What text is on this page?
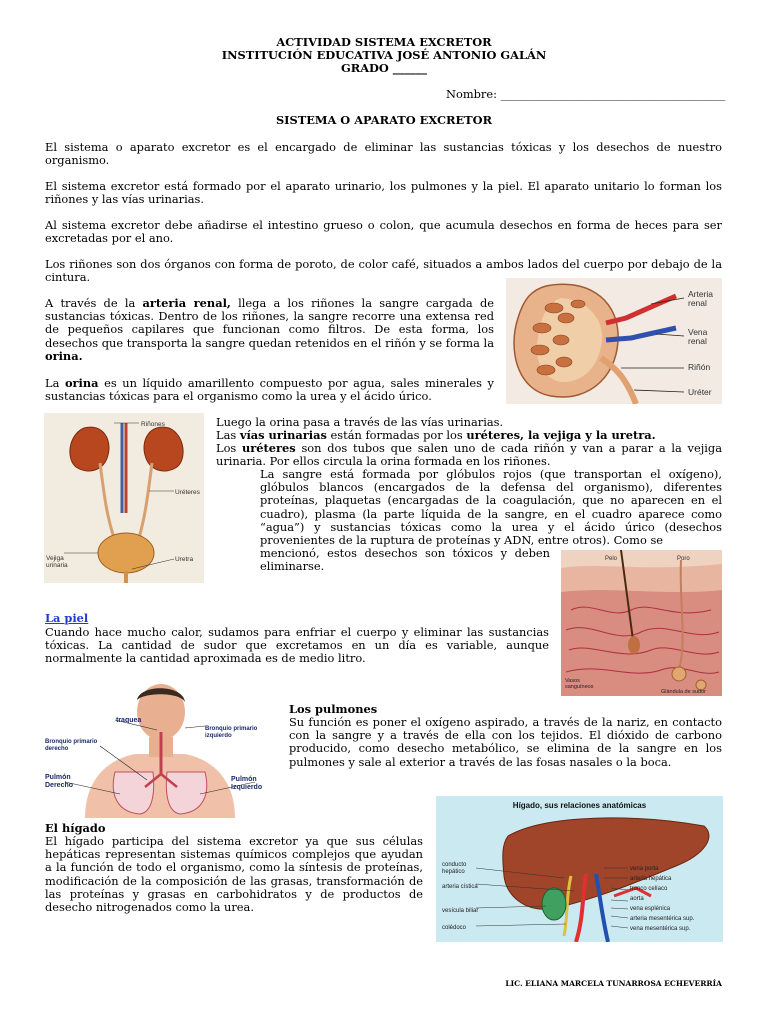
ACTIVIDAD SISTEMA EXCRETOR
INSTITUCIÓN EDUCATIVA JOSÉ ANTONIO GALÁN
GRADO ______
Nombre: ____________________________________________
SISTEMA O APARATO EXCRETOR
El sistema o aparato excretor es el encargado de eliminar las sustancias tóxicas y los desechos de nuestro organismo.
El sistema excretor está formado por el aparato urinario, los pulmones y la piel. El aparato unitario lo forman los riñones y las vías urinarias.
Al sistema excretor debe añadirse el intestino grueso o colon, que acumula desechos en forma de heces para ser excretadas por el ano.
Los riñones son dos órganos con forma de poroto, de color café, situados a ambos lados del cuerpo por debajo de la cintura.
A través de la arteria renal, llega a los riñones la sangre cargada de sustancias tóxicas. Dentro de los riñones, la sangre recorre una extensa red de pequeños capilares que funcionan como filtros. De esta forma, los desechos que transporta la sangre quedan retenidos en el riñón y se forma la orina.
La orina es un líquido amarillento compuesto por agua, sales minerales y sustancias tóxicas para el organismo como la urea y el ácido úrico.
Arteria renal
Vena renal
Riñón
Uréter
Riñones
Uréteres
Vejiga urinaria
Uretra
Luego la orina pasa a través de las vías urinarias.
Las vías urinarias están formadas por los uréteres, la vejiga y la uretra.
Los uréteres son dos tubos que salen uno de cada riñón y van a parar a la vejiga urinaria. Por ellos circula la orina formada en los riñones.
La sangre está formada por glóbulos rojos (que transportan el oxígeno), glóbulos blancos (encargados de la defensa del organismo), diferentes proteínas, plaquetas (encargadas de la coagulación, que no aparecen en el cuadro), plasma (la parte líquida de la sangre, en el cuadro aparece como “agua”) y sustancias tóxicas como la urea y el ácido úrico (desechos provenientes de la ruptura de proteínas y ADN, entre otros). Como se
mencionó, estos desechos son tóxicos y deben eliminarse.
Pelo	Poro
Vasos sanguíneos
Glándula de sudor
La piel
Cuando hace mucho calor, sudamos para enfriar el cuerpo y eliminar las sustancias tóxicas. La cantidad de sudor que excretamos en un día es variable, aunque normalmente la cantidad aproximada es de medio litro.
traquea
Bronquio primario izquierdo
Bronquio primario derecho
Pulmón Derecho
Pulmón Izquierdo
Los pulmones
Su función es poner el oxígeno aspirado, a través de la nariz, en contacto con la sangre y a través de ella con los tejidos. El dióxido de carbono producido, como desecho metabólico, se elimina de la sangre en los pulmones y sale al exterior a través de las fosas nasales o la boca.
Hígado, sus relaciones anatómicas
conducto hepático
arteria cística
vesícula biliar
colédoco
vena porta
arteria hepática
tronco celíaco
aorta
vena esplénica
arteria mesentérica sup.
vena mesentérica sup.
El hígado
El hígado participa del sistema excretor ya que sus células hepáticas representan sistemas químicos complejos que ayudan a la función de todo el organismo, como la síntesis de proteínas, modificación de la composición de las grasas, transformación de las proteínas y grasas en carbohidratos y de productos de desecho nitrogenados como la urea.
LIC. ELIANA MARCELA TUNARROSA ECHEVERRÍA
